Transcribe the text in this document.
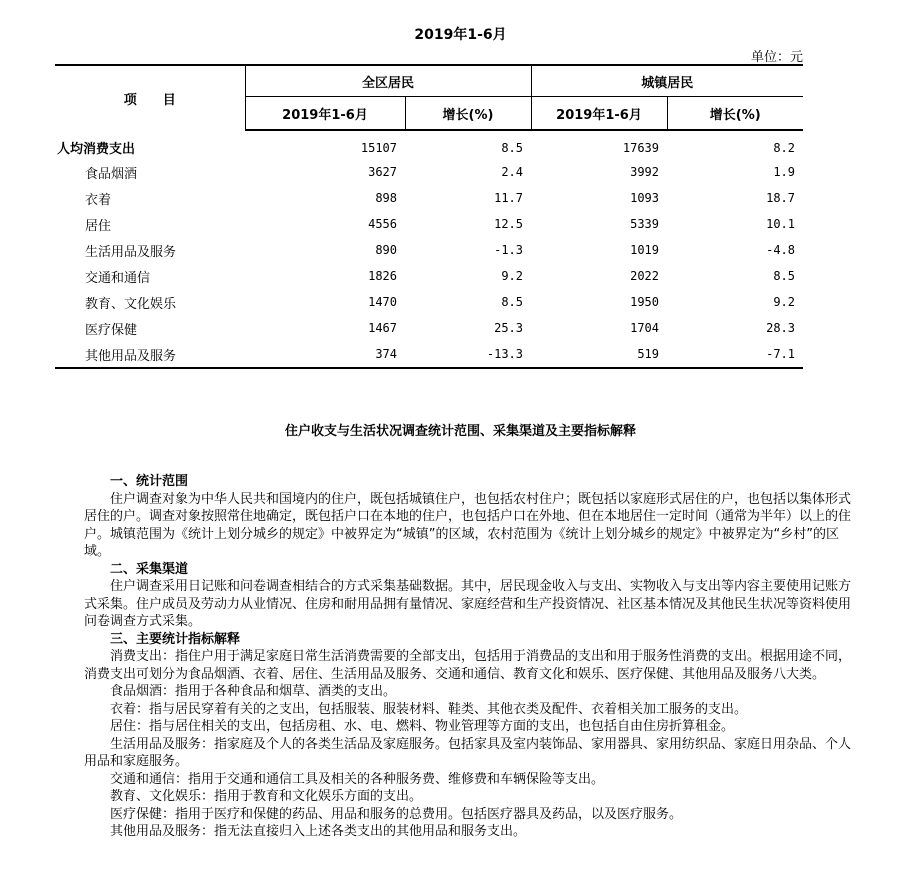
2019年1-6月
单位：元
项　　目	全区居民		城镇居民	
	2019年1-6月	增长(%)	2019年1-6月	增长(%)
人均消费支出	15107	8.5	17639	8.2
食品烟酒	3627	2.4	3992	1.9
衣着	898	11.7	1093	18.7
居住	4556	12.5	5339	10.1
生活用品及服务	890	-1.3	1019	-4.8
交通和通信	1826	9.2	2022	8.5
教育、文化娱乐	1470	8.5	1950	9.2
医疗保健	1467	25.3	1704	28.3
其他用品及服务	374	-13.3	519	-7.1
住户收支与生活状况调查统计范围、采集渠道及主要指标解释
一、统计范围

住户调查对象为中华人民共和国境内的住户，既包括城镇住户，也包括农村住户；既包括以家庭形式居住的户，也包括以集体形式居住的户。调查对象按照常住地确定，既包括户口在本地的住户，也包括户口在外地、但在本地居住一定时间（通常为半年）以上的住户。城镇范围为《统计上划分城乡的规定》中被界定为“城镇”的区域，农村范围为《统计上划分城乡的规定》中被界定为“乡村”的区域。

二、采集渠道

住户调查采用日记账和问卷调查相结合的方式采集基础数据。其中，居民现金收入与支出、实物收入与支出等内容主要使用记账方式采集。住户成员及劳动力从业情况、住房和耐用品拥有量情况、家庭经营和生产投资情况、社区基本情况及其他民生状况等资料使用问卷调查方式采集。

三、主要统计指标解释

消费支出：指住户用于满足家庭日常生活消费需要的全部支出，包括用于消费品的支出和用于服务性消费的支出。根据用途不同，消费支出可划分为食品烟酒、衣着、居住、生活用品及服务、交通和通信、教育文化和娱乐、医疗保健、其他用品及服务八大类。

食品烟酒：指用于各种食品和烟草、酒类的支出。

衣着：指与居民穿着有关的之支出，包括服装、服装材料、鞋类、其他衣类及配件、衣着相关加工服务的支出。

居住：指与居住相关的支出，包括房租、水、电、燃料、物业管理等方面的支出，也包括自由住房折算租金。

生活用品及服务：指家庭及个人的各类生活品及家庭服务。包括家具及室内装饰品、家用器具、家用纺织品、家庭日用杂品、个人用品和家庭服务。

交通和通信：指用于交通和通信工具及相关的各种服务费、维修费和车辆保险等支出。

教育、文化娱乐：指用于教育和文化娱乐方面的支出。

医疗保健：指用于医疗和保健的药品、用品和服务的总费用。包括医疗器具及药品，以及医疗服务。

其他用品及服务：指无法直接归入上述各类支出的其他用品和服务支出。
